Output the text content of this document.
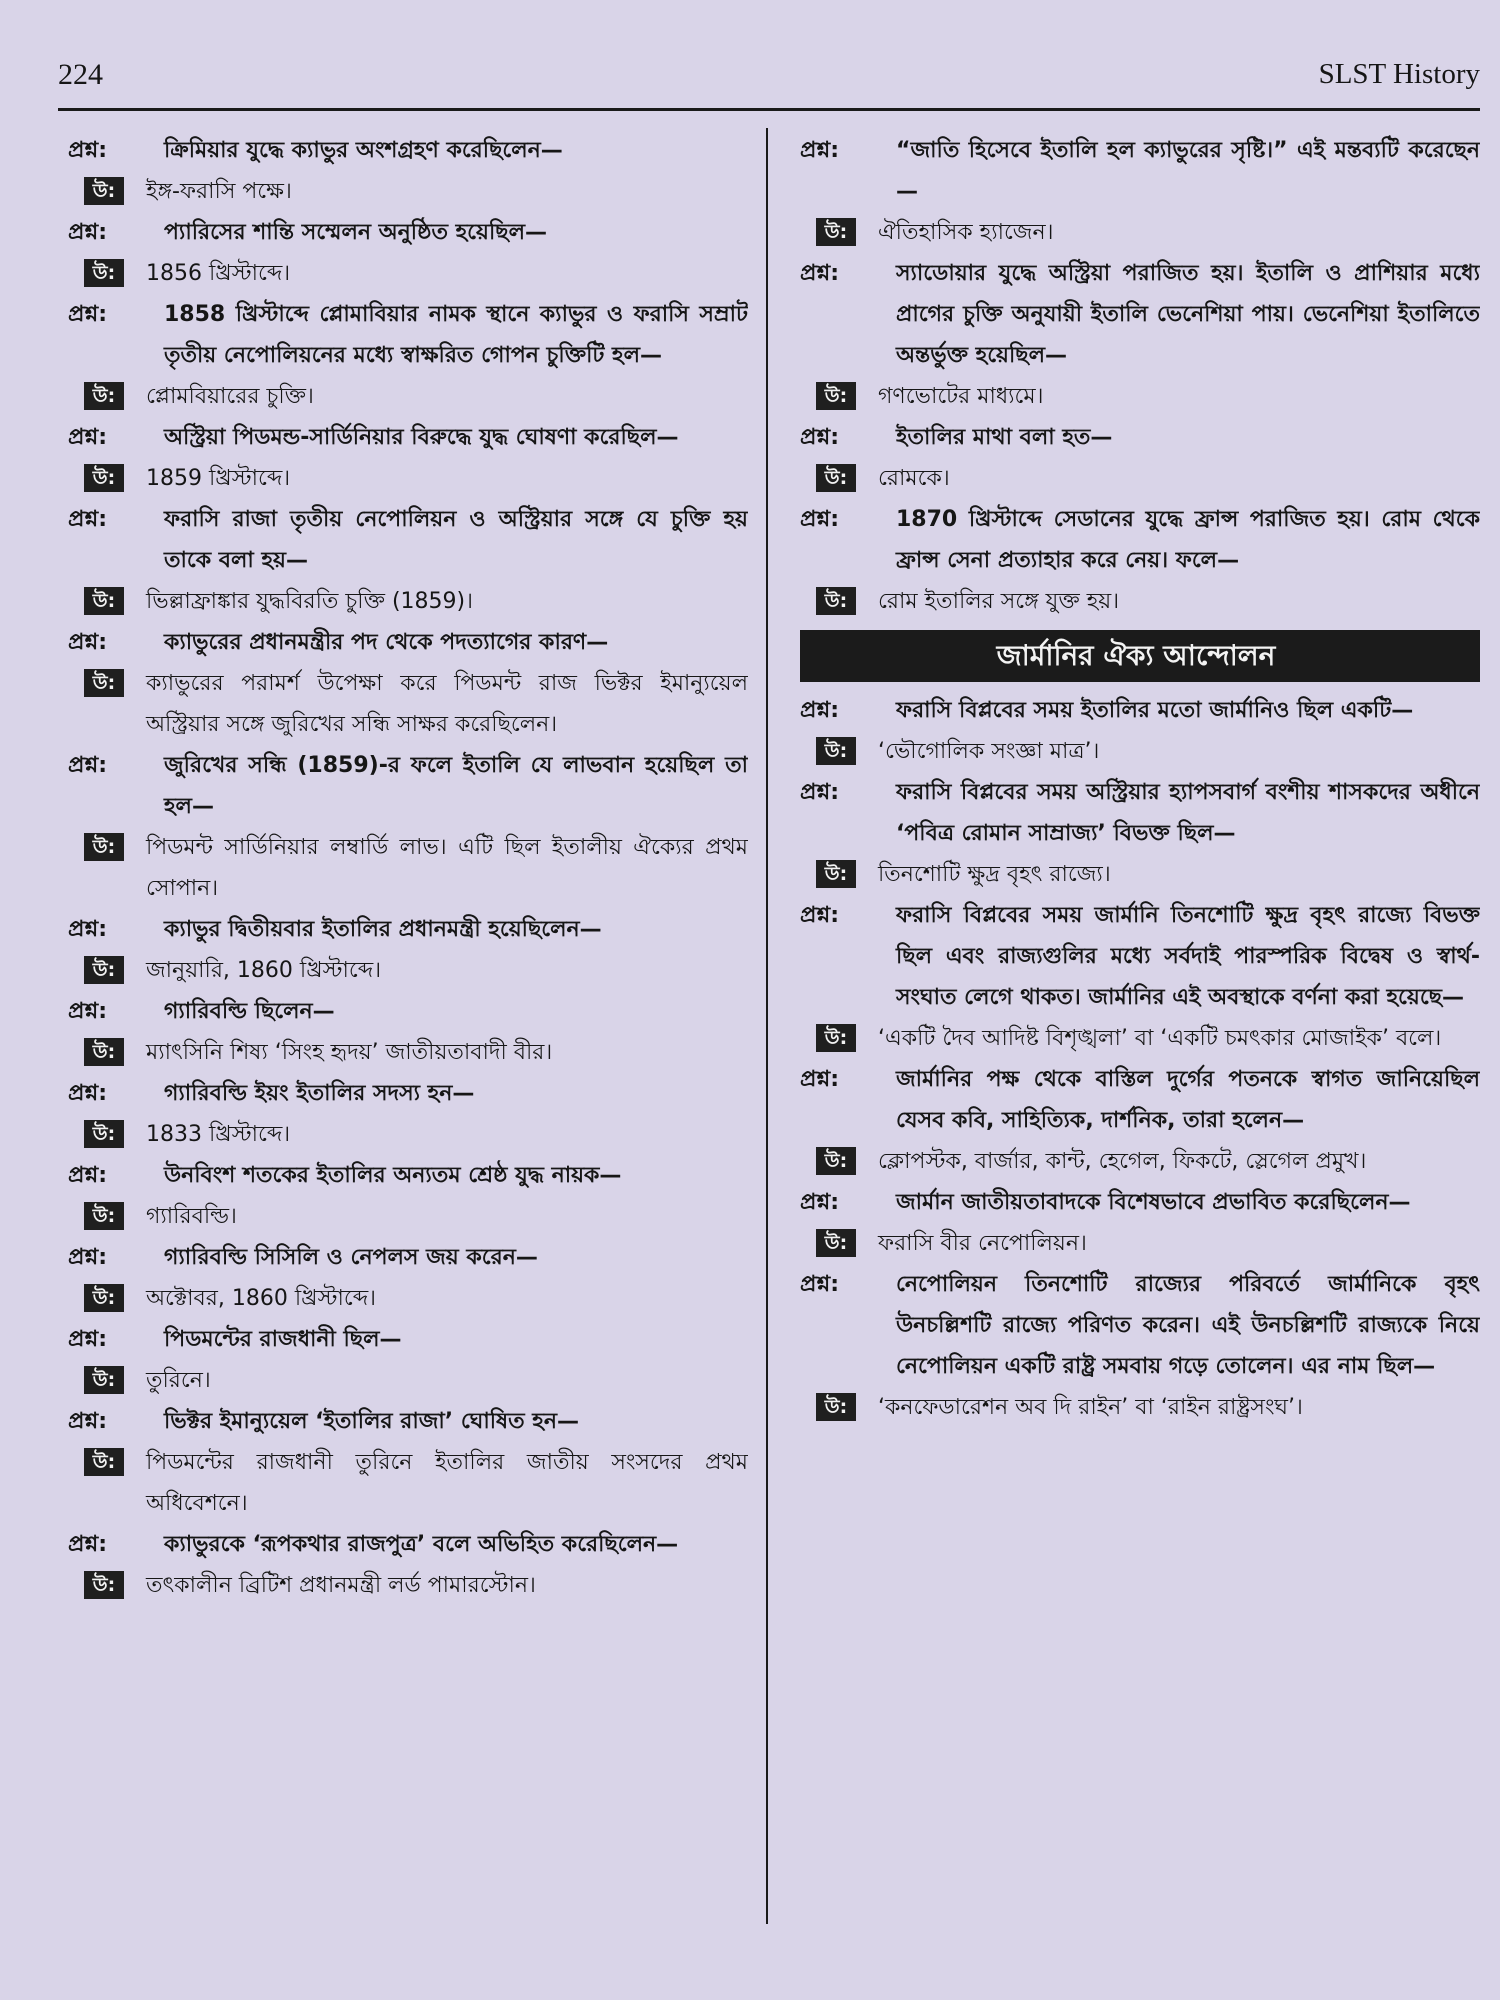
224	SLST History
প্রশ্ন:	ক্রিমিয়ার যুদ্ধে ক্যাভুর অংশগ্রহণ করেছিলেন—
উ:	ইঙ্গ-ফরাসি পক্ষে।
প্রশ্ন:	প্যারিসের শান্তি সম্মেলন অনুষ্ঠিত হয়েছিল—
উ:	1856 খ্রিস্টাব্দে।
প্রশ্ন:	1858 খ্রিস্টাব্দে প্লোমাবিয়ার নামক স্থানে ক্যাভুর ও ফরাসি সম্রাট তৃতীয় নেপোলিয়নের মধ্যে স্বাক্ষরিত গোপন চুক্তিটি হল—
উ:	প্লোমবিয়ারের চুক্তি।
প্রশ্ন:	অস্ট্রিয়া পিডমন্ড-সার্ডিনিয়ার বিরুদ্ধে যুদ্ধ ঘোষণা করেছিল—
উ:	1859 খ্রিস্টাব্দে।
প্রশ্ন:	ফরাসি রাজা তৃতীয় নেপোলিয়ন ও অস্ট্রিয়ার সঙ্গে যে চুক্তি হয় তাকে বলা হয়—
উ:	ভিল্লাফ্রাঙ্কার যুদ্ধবিরতি চুক্তি (1859)।
প্রশ্ন:	ক্যাভুরের প্রধানমন্ত্রীর পদ থেকে পদত্যাগের কারণ—
উ:	ক্যাভুরের পরামর্শ উপেক্ষা করে পিডমন্ট রাজ ভিক্টর ইমান্যুয়েল অস্ট্রিয়ার সঙ্গে জুরিখের সন্ধি সাক্ষর করেছিলেন।
প্রশ্ন:	জুরিখের সন্ধি (1859)-র ফলে ইতালি যে লাভবান হয়েছিল তা হল—
উ:	পিডমন্ট সার্ডিনিয়ার লম্বার্ডি লাভ। এটি ছিল ইতালীয় ঐক্যের প্রথম সোপান।
প্রশ্ন:	ক্যাভুর দ্বিতীয়বার ইতালির প্রধানমন্ত্রী হয়েছিলেন—
উ:	জানুয়ারি, 1860 খ্রিস্টাব্দে।
প্রশ্ন:	গ্যারিবল্ডি ছিলেন—
উ:	ম্যাৎসিনি শিষ্য ‘সিংহ হৃদয়’ জাতীয়তাবাদী বীর।
প্রশ্ন:	গ্যারিবল্ডি ইয়ং ইতালির সদস্য হন—
উ:	1833 খ্রিস্টাব্দে।
প্রশ্ন:	উনবিংশ শতকের ইতালির অন্যতম শ্রেষ্ঠ যুদ্ধ নায়ক—
উ:	গ্যারিবল্ডি।
প্রশ্ন:	গ্যারিবল্ডি সিসিলি ও নেপলস জয় করেন—
উ:	অক্টোবর, 1860 খ্রিস্টাব্দে।
প্রশ্ন:	পিডমন্টের রাজধানী ছিল—
উ:	তুরিনে।
প্রশ্ন:	ভিক্টর ইমান্যুয়েল ‘ইতালির রাজা’ ঘোষিত হন—
উ:	পিডমন্টের রাজধানী তুরিনে ইতালির জাতীয় সংসদের প্রথম অধিবেশনে।
প্রশ্ন:	ক্যাভুরকে ‘রূপকথার রাজপুত্র’ বলে অভিহিত করেছিলেন—
উ:	তৎকালীন ব্রিটিশ প্রধানমন্ত্রী লর্ড পামারস্টোন।
প্রশ্ন:	“জাতি হিসেবে ইতালি হল ক্যাভুরের সৃষ্টি।” এই মন্তব্যটি করেছেন—
উ:	ঐতিহাসিক হ্যাজেন।
প্রশ্ন:	স্যাডোয়ার যুদ্ধে অস্ট্রিয়া পরাজিত হয়। ইতালি ও প্রাশিয়ার মধ্যে প্রাগের চুক্তি অনুযায়ী ইতালি ভেনেশিয়া পায়। ভেনেশিয়া ইতালিতে অন্তর্ভুক্ত হয়েছিল—
উ:	গণভোটের মাধ্যমে।
প্রশ্ন:	ইতালির মাথা বলা হত—
উ:	রোমকে।
প্রশ্ন:	1870 খ্রিস্টাব্দে সেডানের যুদ্ধে ফ্রান্স পরাজিত হয়। রোম থেকে ফ্রান্স সেনা প্রত্যাহার করে নেয়। ফলে—
উ:	রোম ইতালির সঙ্গে যুক্ত হয়।
জার্মানির ঐক্য আন্দোলন
প্রশ্ন:	ফরাসি বিপ্লবের সময় ইতালির মতো জার্মানিও ছিল একটি—
উ:	‘ভৌগোলিক সংজ্ঞা মাত্র’।
প্রশ্ন:	ফরাসি বিপ্লবের সময় অস্ট্রিয়ার হ্যাপসবার্গ বংশীয় শাসকদের অধীনে ‘পবিত্র রোমান সাম্রাজ্য’ বিভক্ত ছিল—
উ:	তিনশোটি ক্ষুদ্র বৃহৎ রাজ্যে।
প্রশ্ন:	ফরাসি বিপ্লবের সময় জার্মানি তিনশোটি ক্ষুদ্র বৃহৎ রাজ্যে বিভক্ত ছিল এবং রাজ্যগুলির মধ্যে সর্বদাই পারস্পরিক বিদ্বেষ ও স্বার্থ-সংঘাত লেগে থাকত। জার্মানির এই অবস্থাকে বর্ণনা করা হয়েছে—
উ:	‘একটি দৈব আদিষ্ট বিশৃঙ্খলা’ বা ‘একটি চমৎকার মোজাইক’ বলে।
প্রশ্ন:	জার্মানির পক্ষ থেকে বাস্তিল দুর্গের পতনকে স্বাগত জানিয়েছিল যেসব কবি, সাহিত্যিক, দার্শনিক, তারা হলেন—
উ:	ক্লোপস্টক, বার্জার, কান্ট, হেগেল, ফিকটে, স্লেগেল প্রমুখ।
প্রশ্ন:	জার্মান জাতীয়তাবাদকে বিশেষভাবে প্রভাবিত করেছিলেন—
উ:	ফরাসি বীর নেপোলিয়ন।
প্রশ্ন:	নেপোলিয়ন তিনশোটি রাজ্যের পরিবর্তে জার্মানিকে বৃহৎ উনচল্লিশটি রাজ্যে পরিণত করেন। এই উনচল্লিশটি রাজ্যকে নিয়ে নেপোলিয়ন একটি রাষ্ট্র সমবায় গড়ে তোলেন। এর নাম ছিল—
উ:	‘কনফেডারেশন অব দি রাইন’ বা ‘রাইন রাষ্ট্রসংঘ’।
